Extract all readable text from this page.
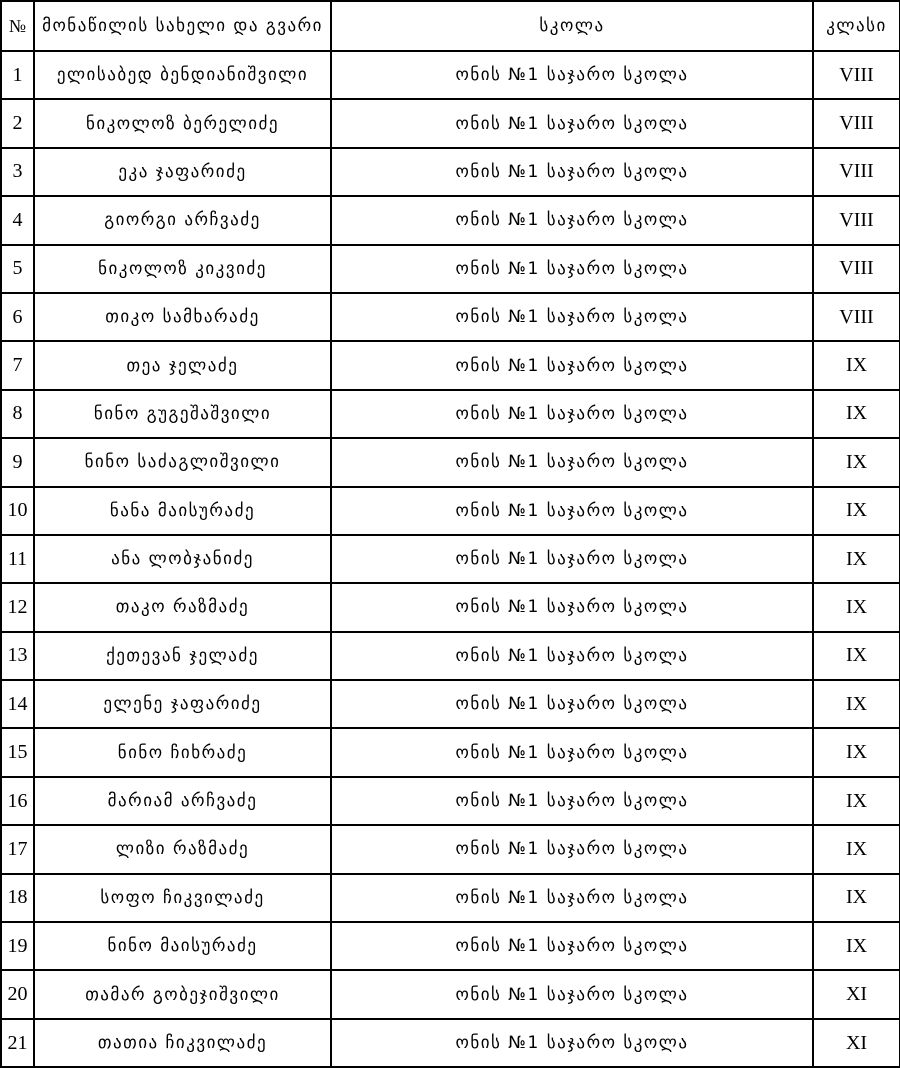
№	მონაწილის სახელი და გვარი	სკოლა	კლასი
1	ელისაბედ ბენდიანიშვილი	ონის №1 საჯარო სკოლა	VIII
2	ნიკოლოზ ბერელიძე	ონის №1 საჯარო სკოლა	VIII
3	ეკა ჯაფარიძე	ონის №1 საჯარო სკოლა	VIII
4	გიორგი არჩვაძე	ონის №1 საჯარო სკოლა	VIII
5	ნიკოლოზ კიკვიძე	ონის №1 საჯარო სკოლა	VIII
6	თიკო სამხარაძე	ონის №1 საჯარო სკოლა	VIII
7	თეა ჯელაძე	ონის №1 საჯარო სკოლა	IX
8	ნინო გუგეშაშვილი	ონის №1 საჯარო სკოლა	IX
9	ნინო საძაგლიშვილი	ონის №1 საჯარო სკოლა	IX
10	ნანა მაისურაძე	ონის №1 საჯარო სკოლა	IX
11	ანა ლობჯანიძე	ონის №1 საჯარო სკოლა	IX
12	თაკო რაზმაძე	ონის №1 საჯარო სკოლა	IX
13	ქეთევან ჯელაძე	ონის №1 საჯარო სკოლა	IX
14	ელენე ჯაფარიძე	ონის №1 საჯარო სკოლა	IX
15	ნინო ჩიხრაძე	ონის №1 საჯარო სკოლა	IX
16	მარიამ არჩვაძე	ონის №1 საჯარო სკოლა	IX
17	ლიზი რაზმაძე	ონის №1 საჯარო სკოლა	IX
18	სოფო ჩიკვილაძე	ონის №1 საჯარო სკოლა	IX
19	ნინო მაისურაძე	ონის №1 საჯარო სკოლა	IX
20	თამარ გობეჯიშვილი	ონის №1 საჯარო სკოლა	XI
21	თათია ჩიკვილაძე	ონის №1 საჯარო სკოლა	XI
